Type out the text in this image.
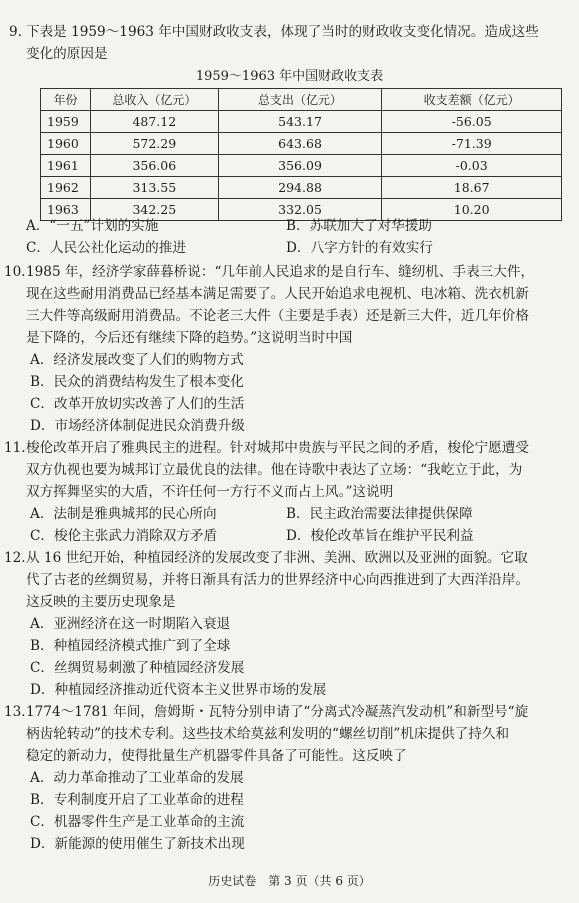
9. 下表是 1959～1963 年中国财政收支表，体现了当时的财政收支变化情况。造成这些
变化的原因是
1959～1963 年中国财政收支表
年份	总收入（亿元）	总支出（亿元）	收支差额（亿元）
1959	487.12	543.17	-56.05
1960	572.29	643.68	-71.39
1961	356.06	356.09	-0.03
1962	313.55	294.88	18.67
1963	342.25	332.05	10.20
A．“一五”计划的实施	B．苏联加大了对华援助
C．人民公社化运动的推进	D．八字方针的有效实行
10. 1985 年，经济学家薛暮桥说：“几年前人民追求的是自行车、缝纫机、手表三大件，
现在这些耐用消费品已经基本满足需要了。人民开始追求电视机、电冰箱、洗衣机新
三大件等高级耐用消费品。不论老三大件（主要是手表）还是新三大件，近几年价格
是下降的，今后还有继续下降的趋势。”这说明当时中国
A．经济发展改变了人们的购物方式
B．民众的消费结构发生了根本变化
C．改革开放切实改善了人们的生活
D．市场经济体制促进民众消费升级
11. 梭伦改革开启了雅典民主的进程。针对城邦中贵族与平民之间的矛盾，梭伦宁愿遭受
双方仇视也要为城邦订立最优良的法律。他在诗歌中表达了立场：“我屹立于此，为
双方挥舞坚实的大盾，不许任何一方行不义而占上风。”这说明
A．法制是雅典城邦的民心所向	B．民主政治需要法律提供保障
C．梭伦主张武力消除双方矛盾	D．梭伦改革旨在维护平民利益
12. 从 16 世纪开始，种植园经济的发展改变了非洲、美洲、欧洲以及亚洲的面貌。它取
代了古老的丝绸贸易，并将日渐具有活力的世界经济中心向西推进到了大西洋沿岸。
这反映的主要历史现象是
A．亚洲经济在这一时期陷入衰退
B．种植园经济模式推广到了全球
C．丝绸贸易刺激了种植园经济发展
D．种植园经济推动近代资本主义世界市场的发展
13. 1774～1781 年间，詹姆斯・瓦特分别申请了“分离式冷凝蒸汽发动机”和新型号“旋
柄齿轮转动”的技术专利。这些技术给莫兹利发明的“螺丝切削”机床提供了持久和
稳定的新动力，使得批量生产机器零件具备了可能性。这反映了
A．动力革命推动了工业革命的发展
B．专利制度开启了工业革命的进程
C．机器零件生产是工业革命的主流
D．新能源的使用催生了新技术出现
历史试卷　第 3 页（共 6 页）
